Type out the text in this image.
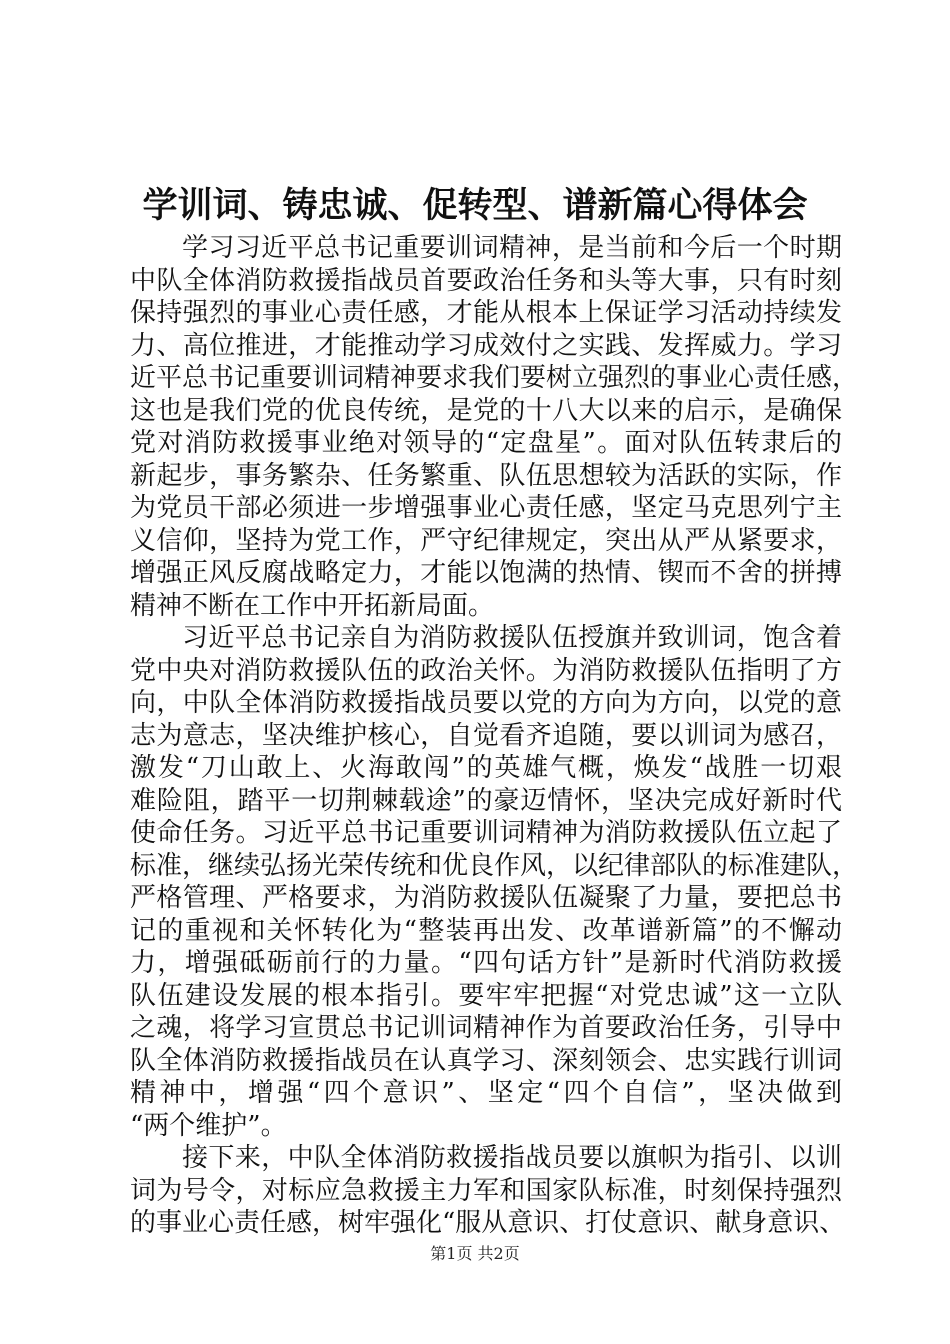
学训词、铸忠诚、促转型、谱新篇心得体会
学习习近平总书记重要训词精神，是当前和今后一个时期
中队全体消防救援指战员首要政治任务和头等大事，只有时刻
保持强烈的事业心责任感，才能从根本上保证学习活动持续发
力、高位推进，才能推动学习成效付之实践、发挥威力。学习
近平总书记重要训词精神要求我们要树立强烈的事业心责任感，
这也是我们党的优良传统，是党的十八大以来的启示，是确保
党对消防救援事业绝对领导的“定盘星”。面对队伍转隶后的
新起步，事务繁杂、任务繁重、队伍思想较为活跃的实际，作
为党员干部必须进一步增强事业心责任感，坚定马克思列宁主
义信仰，坚持为党工作，严守纪律规定，突出从严从紧要求，
增强正风反腐战略定力，才能以饱满的热情、锲而不舍的拼搏
精神不断在工作中开拓新局面。
习近平总书记亲自为消防救援队伍授旗并致训词，饱含着
党中央对消防救援队伍的政治关怀。为消防救援队伍指明了方
向，中队全体消防救援指战员要以党的方向为方向，以党的意
志为意志，坚决维护核心，自觉看齐追随，要以训词为感召，
激发“刀山敢上、火海敢闯”的英雄气概，焕发“战胜一切艰
难险阻，踏平一切荆棘载途”的豪迈情怀，坚决完成好新时代
使命任务。习近平总书记重要训词精神为消防救援队伍立起了
标准，继续弘扬光荣传统和优良作风，以纪律部队的标准建队，
严格管理、严格要求，为消防救援队伍凝聚了力量，要把总书
记的重视和关怀转化为“整装再出发、改革谱新篇”的不懈动
力，增强砥砺前行的力量。“四句话方针”是新时代消防救援
队伍建设发展的根本指引。要牢牢把握“对党忠诚”这一立队
之魂，将学习宣贯总书记训词精神作为首要政治任务，引导中
队全体消防救援指战员在认真学习、深刻领会、忠实践行训词
精神中，增强“四个意识”、坚定“四个自信”，坚决做到
“两个维护”。
接下来，中队全体消防救援指战员要以旗帜为指引、以训
词为号令，对标应急救援主力军和国家队标准，时刻保持强烈
的事业心责任感，树牢强化“服从意识、打仗意识、献身意识、
第1页 共2页
